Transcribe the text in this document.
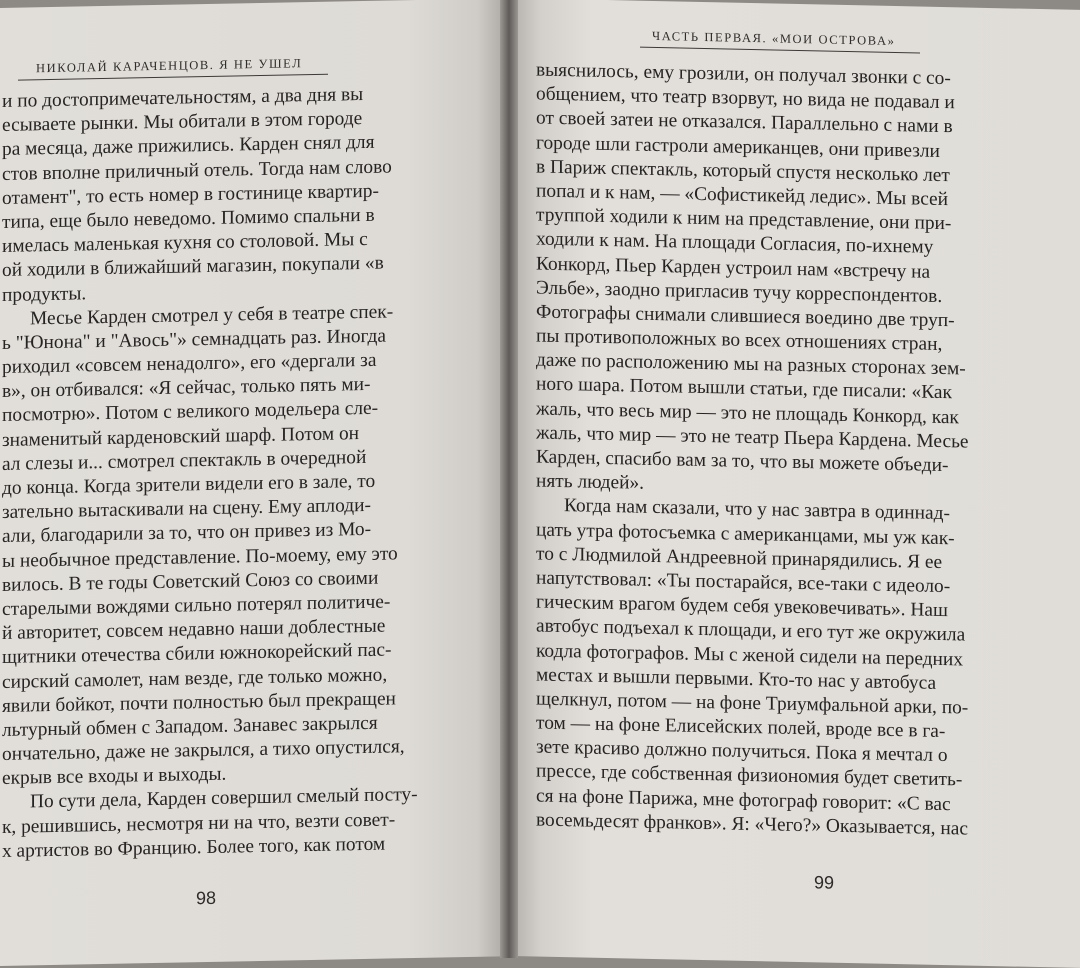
НИКОЛАЙ КАРАЧЕНЦОВ. Я НЕ УШЕЛ
и по достопримечательностям, а два дня вы
есываете рынки. Мы обитали в этом городе
ра месяца, даже прижились. Карден снял для
стов вполне приличный отель. Тогда нам слово
отамент", то есть номер в гостинице квартир-
типа, еще было неведомо. Помимо спальни в
имелась маленькая кухня со столовой. Мы с
ой ходили в ближайший магазин, покупали «в
продукты.
Месье Карден смотрел у себя в театре спек-
ь "Юнона" и "Авось"» семнадцать раз. Иногда
риходил «совсем ненадолго», его «дергали за
в», он отбивался: «Я сейчас, только пять ми-
посмотрю». Потом с великого модельера сле-
знаменитый карденовский шарф. Потом он
ал слезы и... смотрел спектакль в очередной
до конца. Когда зрители видели его в зале, то
зательно вытаскивали на сцену. Ему аплоди-
али, благодарили за то, что он привез из Мо-
ы необычное представление. По-моему, ему это
вилось. В те годы Советский Союз со своими
старелыми вождями сильно потерял политиче-
й авторитет, совсем недавно наши доблестные
щитники отечества сбили южнокорейский пас-
сирский самолет, нам везде, где только можно,
явили бойкот, почти полностью был прекращен
льтурный обмен с Западом. Занавес закрылся
ончательно, даже не закрылся, а тихо опустился,
екрыв все входы и выходы.
По сути дела, Карден совершил смелый посту-
к, решившись, несмотря ни на что, везти совет-
х артистов во Францию. Более того, как потом
98
ЧАСТЬ ПЕРВАЯ. «МОИ ОСТРОВА»
выяснилось, ему грозили, он получал звонки с со-
общением, что театр взорвут, но вида не подавал и
от своей затеи не отказался. Параллельно с нами в
городе шли гастроли американцев, они привезли
в Париж спектакль, который спустя несколько лет
попал и к нам, — «Софистикейд ледис». Мы всей
труппой ходили к ним на представление, они при-
ходили к нам. На площади Согласия, по-ихнему
Конкорд, Пьер Карден устроил нам «встречу на
Эльбе», заодно пригласив тучу корреспондентов.
Фотографы снимали слившиеся воедино две труп-
пы противоположных во всех отношениях стран,
даже по расположению мы на разных сторонах зем-
ного шара. Потом вышли статьи, где писали: «Как
жаль, что весь мир — это не площадь Конкорд, как
жаль, что мир — это не театр Пьера Кардена. Месье
Карден, спасибо вам за то, что вы можете объеди-
нять людей».
Когда нам сказали, что у нас завтра в одиннад-
цать утра фотосъемка с американцами, мы уж как-
то с Людмилой Андреевной принарядились. Я ее
напутствовал: «Ты постарайся, все-таки с идеоло-
гическим врагом будем себя увековечивать». Наш
автобус подъехал к площади, и его тут же окружила
кодла фотографов. Мы с женой сидели на передних
местах и вышли первыми. Кто-то нас у автобуса
щелкнул, потом — на фоне Триумфальной арки, по-
том — на фоне Елисейских полей, вроде все в га-
зете красиво должно получиться. Пока я мечтал о
прессе, где собственная физиономия будет светить-
ся на фоне Парижа, мне фотограф говорит: «С вас
восемьдесят франков». Я: «Чего?» Оказывается, нас
99
